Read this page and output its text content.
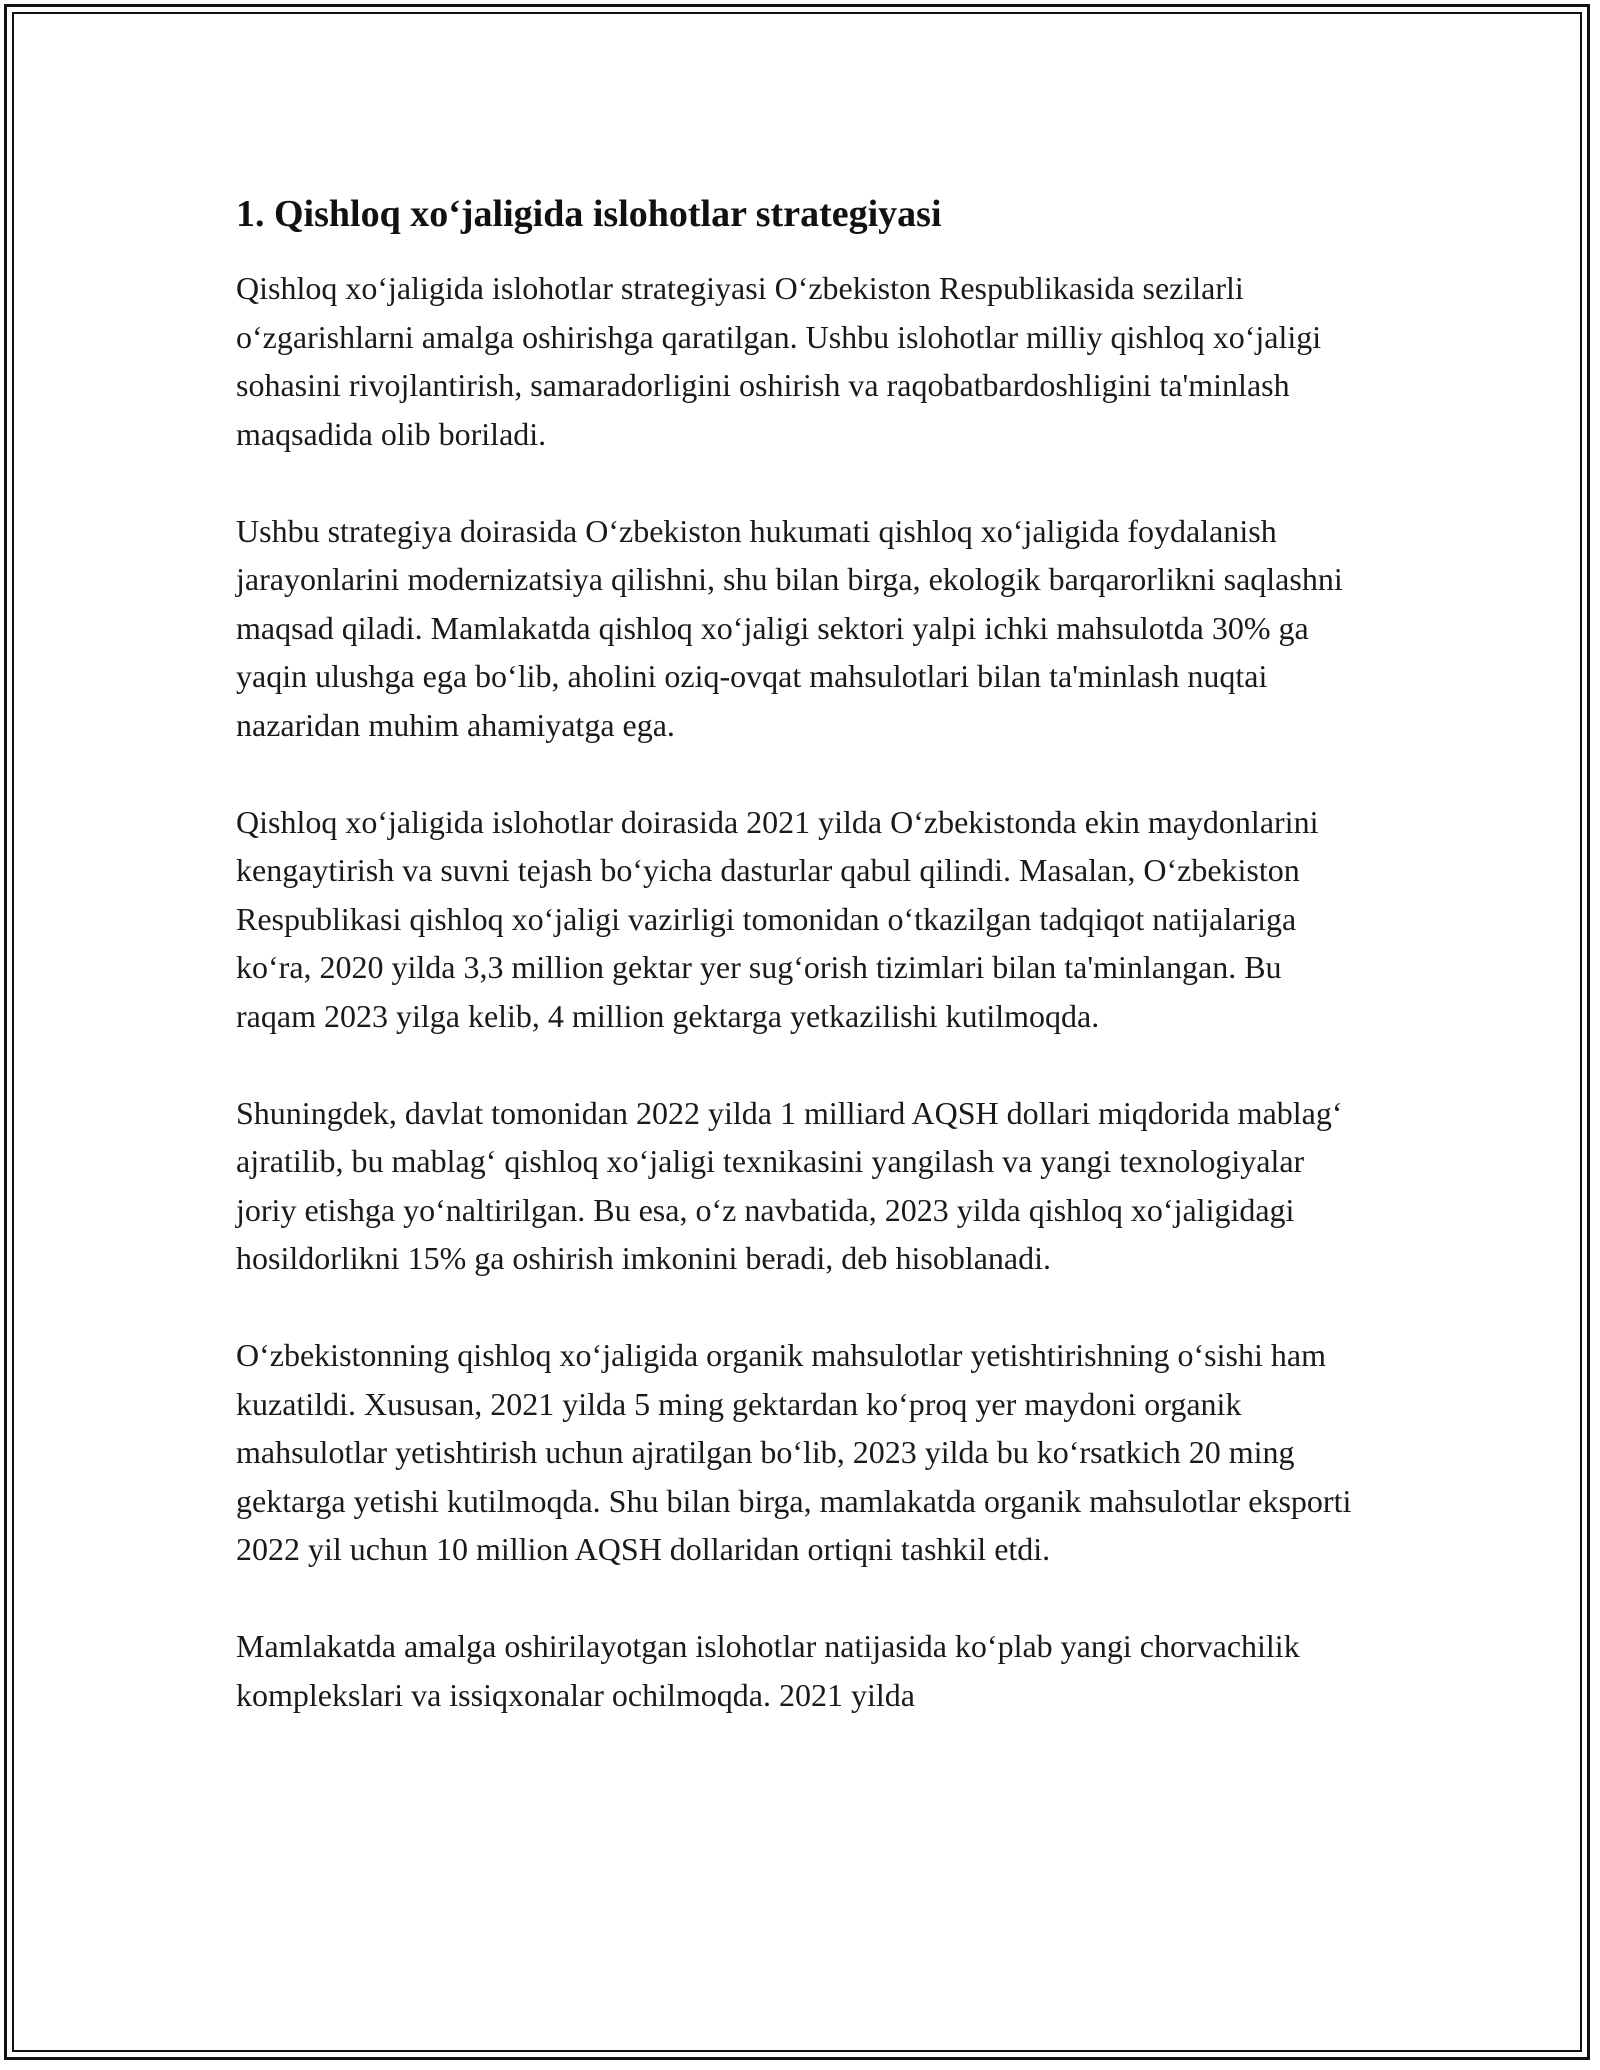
1. Qishloq xo‘jaligida islohotlar strategiyasi

Qishloq xo‘jaligida islohotlar strategiyasi O‘zbekiston Respublikasida sezilarli o‘zgarishlarni amalga oshirishga qaratilgan. Ushbu islohotlar milliy qishloq xo‘jaligi sohasini rivojlantirish, samaradorligini oshirish va raqobatbardoshligini ta'minlash maqsadida olib boriladi.

Ushbu strategiya doirasida O‘zbekiston hukumati qishloq xo‘jaligida foydalanish jarayonlarini modernizatsiya qilishni, shu bilan birga, ekologik barqarorlikni saqlashni maqsad qiladi. Mamlakatda qishloq xo‘jaligi sektori yalpi ichki mahsulotda 30% ga yaqin ulushga ega bo‘lib, aholini oziq-ovqat mahsulotlari bilan ta'minlash nuqtai nazaridan muhim ahamiyatga ega.

Qishloq xo‘jaligida islohotlar doirasida 2021 yilda O‘zbekistonda ekin maydonlarini kengaytirish va suvni tejash bo‘yicha dasturlar qabul qilindi. Masalan, O‘zbekiston Respublikasi qishloq xo‘jaligi vazirligi tomonidan o‘tkazilgan tadqiqot natijalariga ko‘ra, 2020 yilda 3,3 million gektar yer sug‘orish tizimlari bilan ta'minlangan. Bu raqam 2023 yilga kelib, 4 million gektarga yetkazilishi kutilmoqda.

Shuningdek, davlat tomonidan 2022 yilda 1 milliard AQSH dollari miqdorida mablag‘ ajratilib, bu mablag‘ qishloq xo‘jaligi texnikasini yangilash va yangi texnologiyalar joriy etishga yo‘naltirilgan. Bu esa, o‘z navbatida, 2023 yilda qishloq xo‘jaligidagi hosildorlikni 15% ga oshirish imkonini beradi, deb hisoblanadi.

O‘zbekistonning qishloq xo‘jaligida organik mahsulotlar yetishtirishning o‘sishi ham kuzatildi. Xususan, 2021 yilda 5 ming gektardan ko‘proq yer maydoni organik mahsulotlar yetishtirish uchun ajratilgan bo‘lib, 2023 yilda bu ko‘rsatkich 20 ming gektarga yetishi kutilmoqda. Shu bilan birga, mamlakatda organik mahsulotlar eksporti 2022 yil uchun 10 million AQSH dollaridan ortiqni tashkil etdi.

Mamlakatda amalga oshirilayotgan islohotlar natijasida ko‘plab yangi chorvachilik komplekslari va issiqxonalar ochilmoqda. 2021 yilda
